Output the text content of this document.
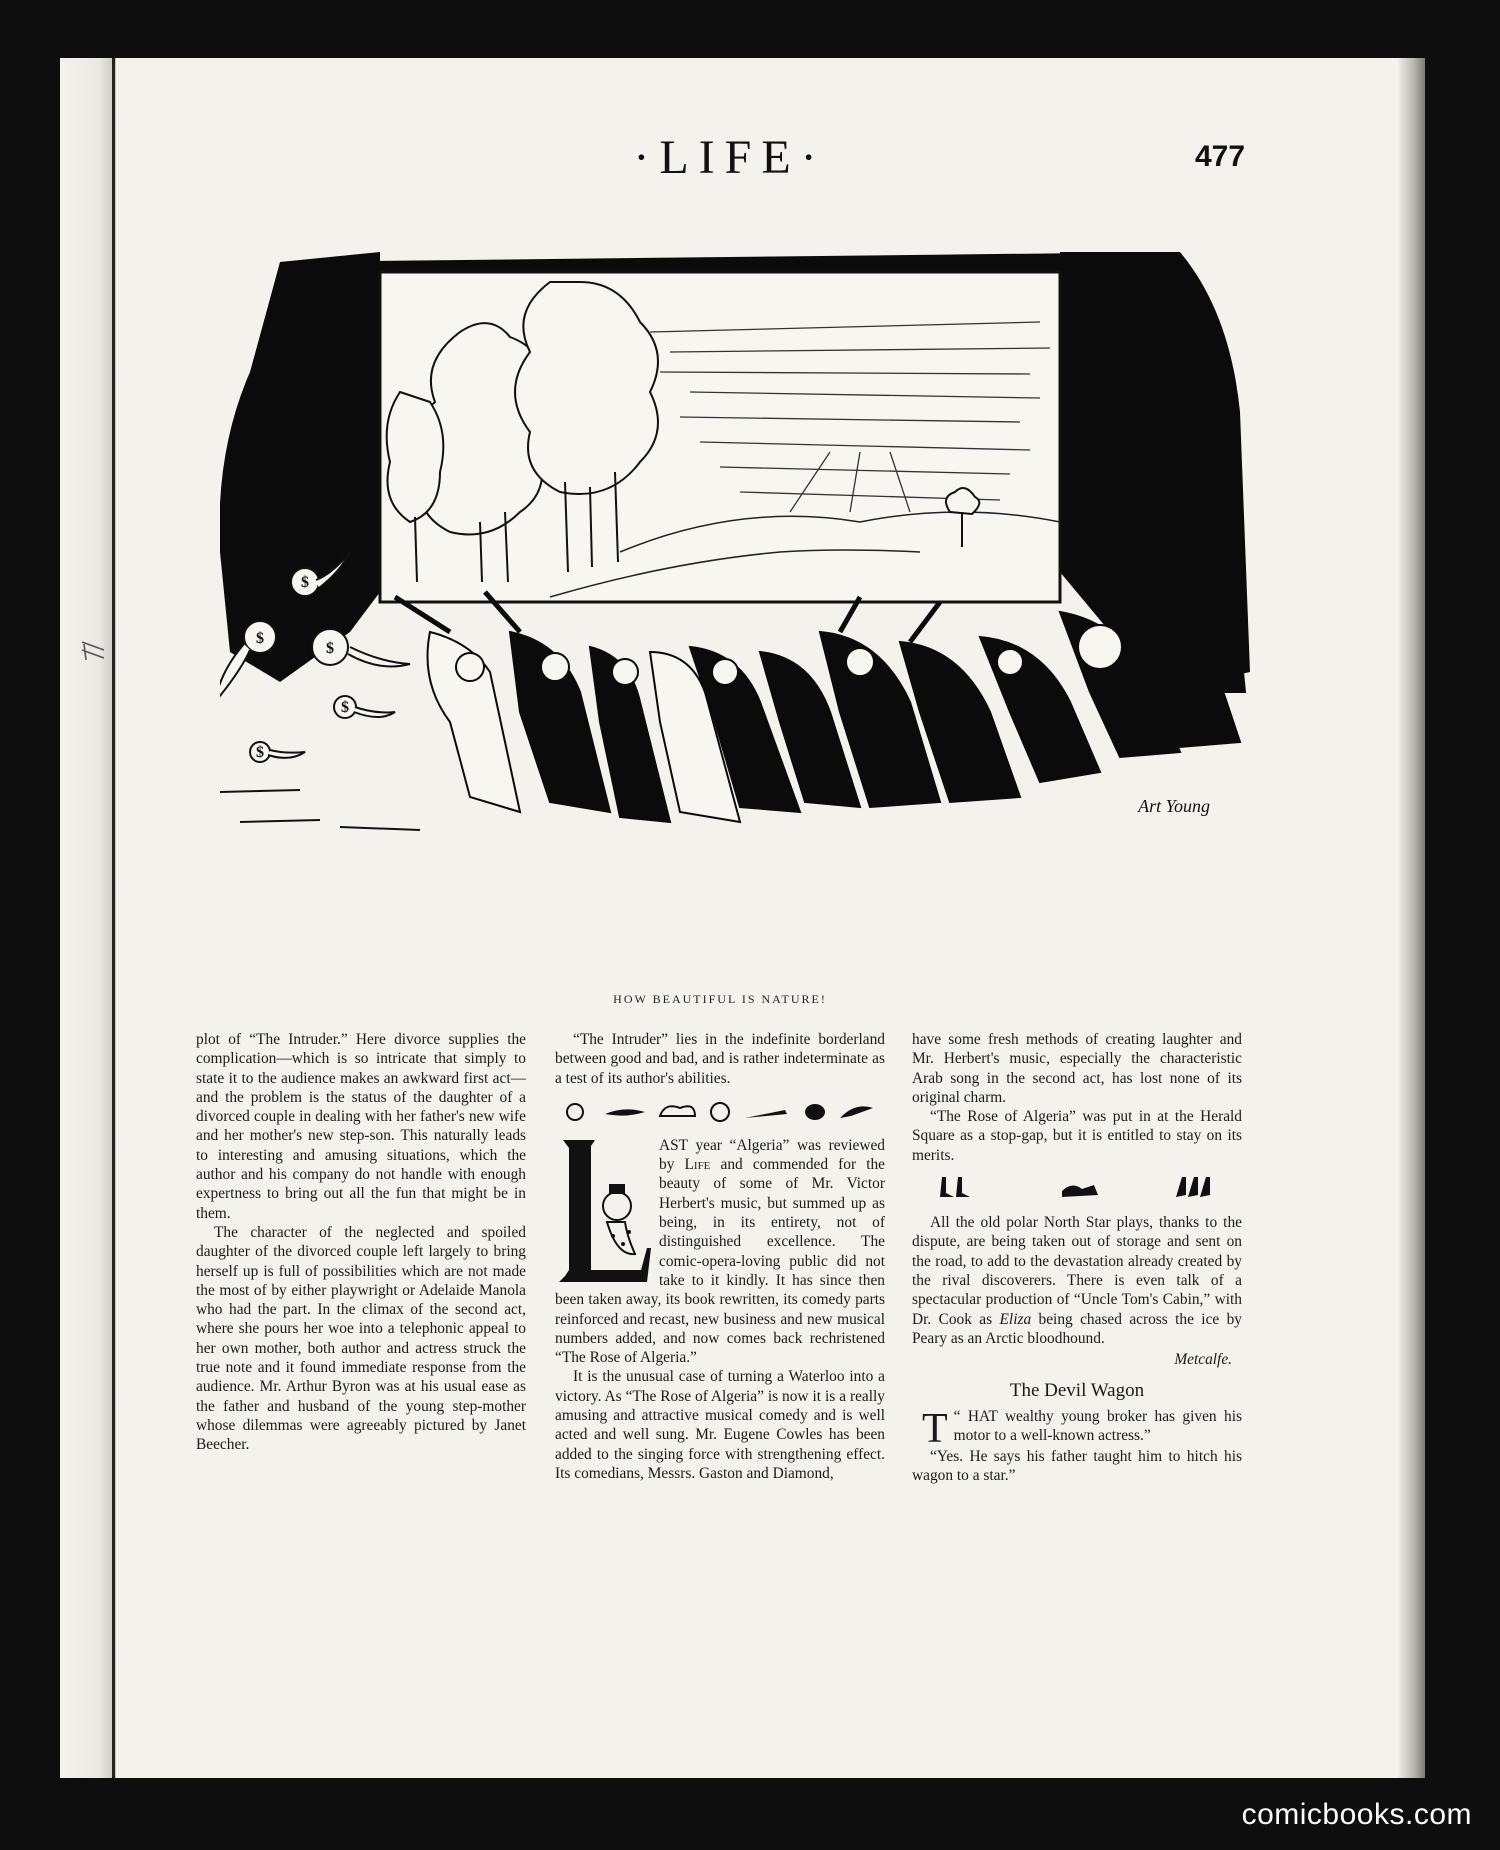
·LIFE·	477
$
$
$
$
$
Art Young
HOW BEAUTIFUL IS NATURE!

plot of “The Intruder.” Here divorce supplies the complication—which is so intricate that simply to state it to the audience makes an awkward first act—and the problem is the status of the daughter of a divorced couple in dealing with her father's new wife and her mother's new step-son. This naturally leads to interesting and amusing situations, which the author and his company do not handle with enough expertness to bring out all the fun that might be in them.

The character of the neglected and spoiled daughter of the divorced couple left largely to bring herself up is full of possibilities which are not made the most of by either playwright or Adelaide Manola who had the part. In the climax of the second act, where she pours her woe into a telephonic appeal to her own mother, both author and actress struck the true note and it found immediate response from the audience. Mr. Arthur Byron was at his usual ease as the father and husband of the young step-mother whose dilemmas were agreeably pictured by Janet Beecher.

“The Intruder” lies in the indefinite borderland between good and bad, and is rather indeterminate as a test of its author's abilities.

AST year “Algeria” was reviewed by Life and commended for the beauty of some of Mr. Victor Herbert's music, but summed up as being, in its entirety, not of distinguished excellence. The comic-opera-loving public did not take to it kindly. It has since then been taken away, its book rewritten, its comedy parts reinforced and recast, new business and new musical numbers added, and now comes back rechristened “The Rose of Algeria.”

It is the unusual case of turning a Waterloo into a victory. As “The Rose of Algeria” is now it is a really amusing and attractive musical comedy and is well acted and well sung. Mr. Eugene Cowles has been added to the singing force with strengthening effect. Its comedians, Messrs. Gaston and Diamond,

have some fresh methods of creating laughter and Mr. Herbert's music, especially the characteristic Arab song in the second act, has lost none of its original charm.

“The Rose of Algeria” was put in at the Herald Square as a stop-gap, but it is entitled to stay on its merits.

All the old polar North Star plays, thanks to the dispute, are being taken out of storage and sent on the road, to add to the devastation already created by the rival discoverers. There is even talk of a spectacular production of “Uncle Tom's Cabin,” with Dr. Cook as Eliza being chased across the ice by Peary as an Arctic bloodhound.

Metcalfe.
The Devil Wagon

T “ HAT wealthy young broker has given his motor to a well-known actress.”

“Yes. He says his father taught him to hitch his wagon to a star.”

comicbooks.com
